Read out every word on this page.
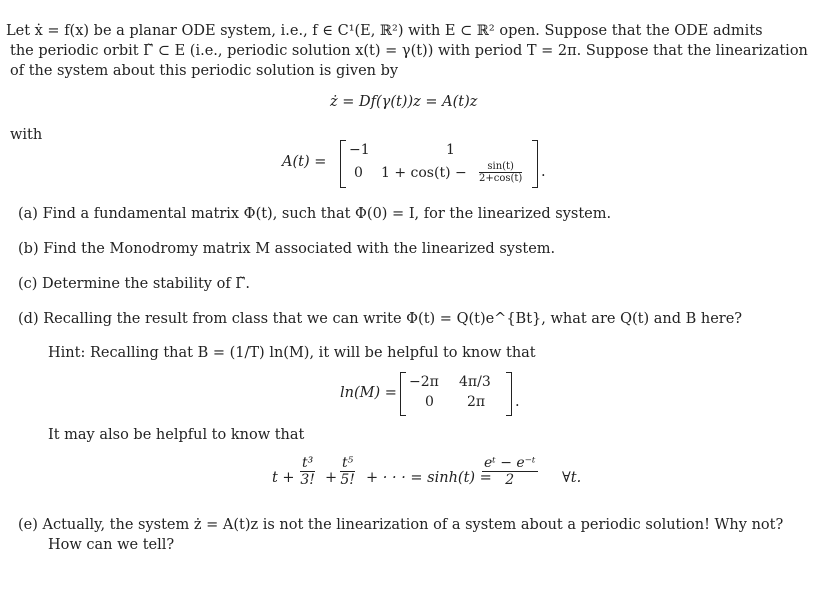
Let ẋ = f(x) be a planar ODE system, i.e., f ∈ C¹(E, ℝ²) with E ⊂ ℝ² open. Suppose that the ODE admits
the periodic orbit Γ̃ ⊂ E (i.e., periodic solution x(t) = γ(t)) with period T = 2π. Suppose that the linearization
of the system about this periodic solution is given by
ż = Df(γ(t))z = A(t)z
with
A(t) =
−1	1
0 $1 + \cos(t) - \frac{\sin(t)}{2+\cos(t)}$ .
(a) Find a fundamental matrix Φ(t), such that Φ(0) = I, for the linearized system.
(b) Find the Monodromy matrix M associated with the linearized system.
(c) Determine the stability of Γ̃.
(d) Recalling the result from class that we can write Φ(t) = Q(t)e^{Bt}, what are Q(t) and B here?
Hint: Recalling that B = (1/T) ln(M), it will be helpful to know that
ln(M) =
−2π 4π/3
0 2π .
It may also be helpful to know that
$t + \frac{\text{t³}}{3!} + \frac{\text{t⁵}}{5!}$ + · · · = sinh(t) =
$\frac{\text{eᵗ − e⁻ᵗ}}{2}$ ∀t.
(e) Actually, the system ż = A(t)z is not the linearization of a system about a periodic solution! Why not?
How can we tell?
